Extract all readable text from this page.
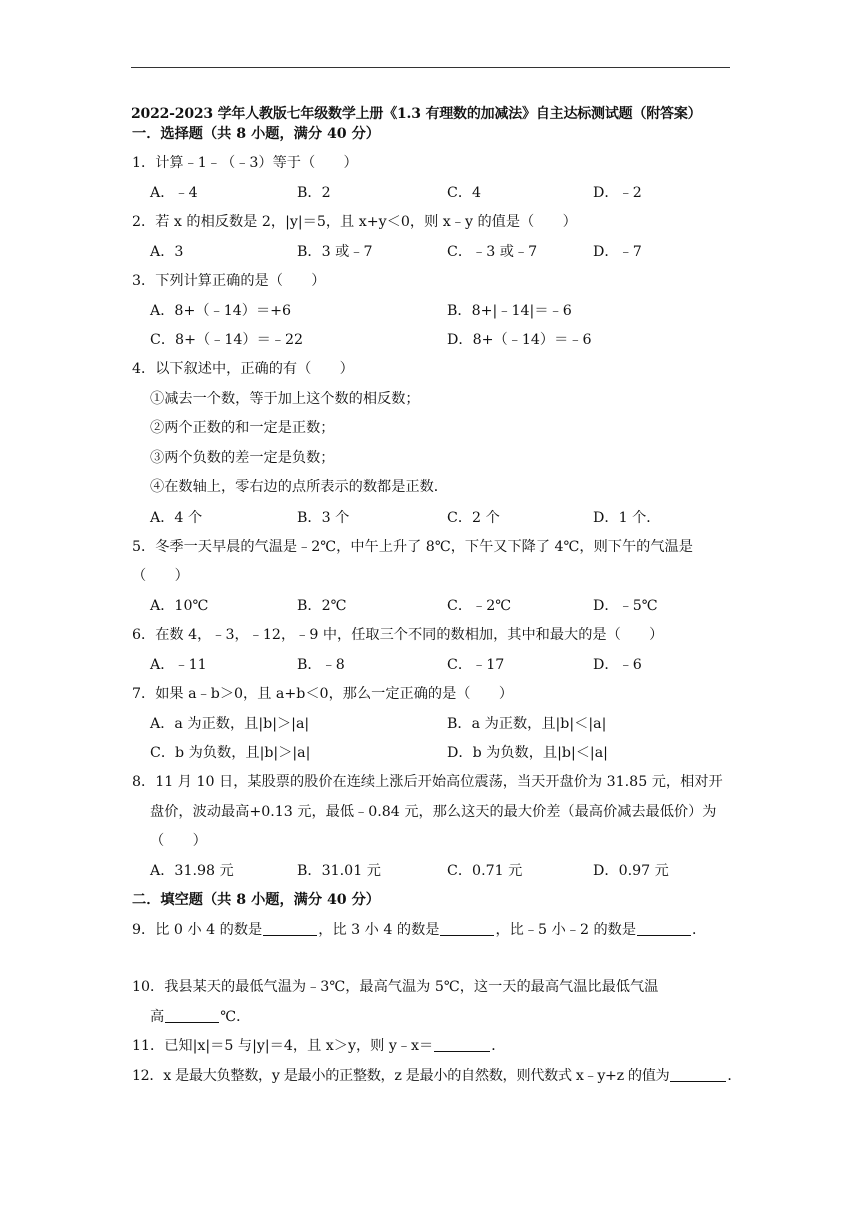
2022-2023 学年人教版七年级数学上册《1.3 有理数的加减法》自主达标测试题（附答案）
一．选择题（共 8 小题，满分 40 分）
1．计算﹣1﹣（﹣3）等于（　　）
A．﹣4	B．2	C．4	D．﹣2
2．若 x 的相反数是 2，|y|＝5，且 x+y＜0，则 x﹣y 的值是（　　）
A．3	B．3 或﹣7	C．﹣3 或﹣7	D．﹣7
3．下列计算正确的是（　　）
A．8+（﹣14）＝+6	B．8+|﹣14|＝﹣6
C．8+（﹣14）＝﹣22	D．8+（﹣14）＝﹣6
4．以下叙述中，正确的有（　　）
①减去一个数，等于加上这个数的相反数；
②两个正数的和一定是正数；
③两个负数的差一定是负数；
④在数轴上，零右边的点所表示的数都是正数．
A．4 个	B．3 个	C．2 个	D．1 个．
5．冬季一天早晨的气温是﹣2℃，中午上升了 8℃，下午又下降了 4℃，则下午的气温是
（　　）
A．10℃	B．2℃	C．﹣2℃	D．﹣5℃
6．在数 4，﹣3，﹣12，﹣9 中，任取三个不同的数相加，其中和最大的是（　　）
A．﹣11	B．﹣8	C．﹣17	D．﹣6
7．如果 a﹣b＞0，且 a+b＜0，那么一定正确的是（　　）
A．a 为正数，且|b|＞|a|	B．a 为正数，且|b|＜|a|
C．b 为负数，且|b|＞|a|	D．b 为负数，且|b|＜|a|
8．11 月 10 日，某股票的股价在连续上涨后开始高位震荡，当天开盘价为 31.85 元，相对开
盘价，波动最高+0.13 元，最低﹣0.84 元，那么这天的最大价差（最高价减去最低价）为
（　　）
A．31.98 元	B．31.01 元	C．0.71 元	D．0.97 元
二．填空题（共 8 小题，满分 40 分）
9．比 0 小 4 的数是	，比 3 小 4 的数是	，比﹣5 小﹣2 的数是	．
10．我县某天的最低气温为﹣3℃，最高气温为 5℃，这一天的最高气温比最低气温
高	℃．
11．已知|x|＝5 与|y|＝4，且 x＞y，则 y﹣x＝	．
12．x 是最大负整数，y 是最小的正整数，z 是最小的自然数，则代数式 x﹣y+z 的值为	．
